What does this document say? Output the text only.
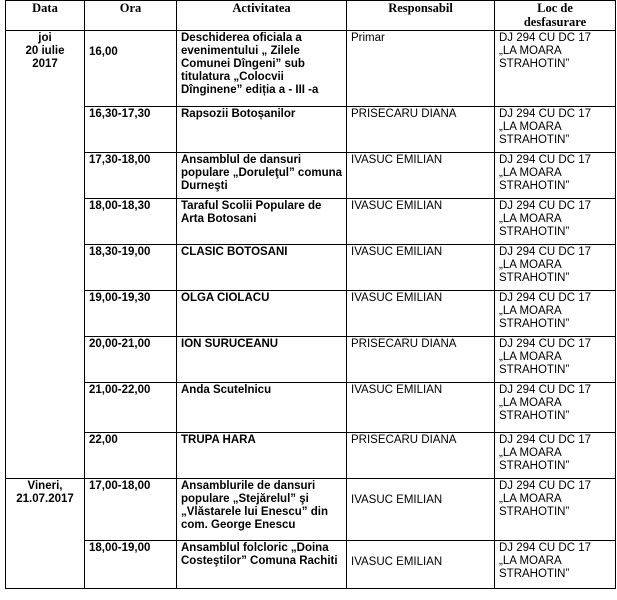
Data	Ora	Activitatea	Responsabil	Loc de
desfasurare

joi
20 iulie
2017	16,00	Deschiderea oficiala a evenimentului „ Zilele Comunei Dîngeni” sub titulatura „Colocvii Dînginene” ediția a - III -a	Primar	DJ 294 CU DC 17 „LA MOARA STRAHOTIN”
	16,30-17,30	Rapsozii Botoșanilor	PRISECARU DIANA	DJ 294 CU DC 17 „LA MOARA STRAHOTIN”
	17,30-18,00	Ansamblul de dansuri populare „Doruleţul” comuna Durneşti	IVASUC EMILIAN	DJ 294 CU DC 17 „LA MOARA STRAHOTIN”
	18,00-18,30	Taraful Scolii Populare de Arta Botosani	IVASUC EMILIAN	DJ 294 CU DC 17 „LA MOARA STRAHOTIN”
	18,30-19,00	CLASIC BOTOSANI	IVASUC EMILIAN	DJ 294 CU DC 17 „LA MOARA STRAHOTIN”
	19,00-19,30	OLGA CIOLACU	IVASUC EMILIAN	DJ 294 CU DC 17 „LA MOARA STRAHOTIN”
	20,00-21,00	ION SURUCEANU	PRISECARU DIANA	DJ 294 CU DC 17 „LA MOARA STRAHOTIN”
	21,00-22,00	Anda Scutelnicu	IVASUC EMILIAN	DJ 294 CU DC 17 „LA MOARA STRAHOTIN”
	22,00	TRUPA HARA	PRISECARU DIANA	DJ 294 CU DC 17 „LA MOARA STRAHOTIN”

Vineri,
21.07.2017	17,00-18,00	Ansamblurile de dansuri populare „Stejărelul” şi „Vlăstarele lui Enescu” din com. George Enescu	IVASUC EMILIAN	DJ 294 CU DC 17 „LA MOARA STRAHOTIN”
	18,00-19,00	Ansamblul folcloric „Doina Costeştilor” Comuna Rachiti	IVASUC EMILIAN	DJ 294 CU DC 17 „LA MOARA STRAHOTIN”
